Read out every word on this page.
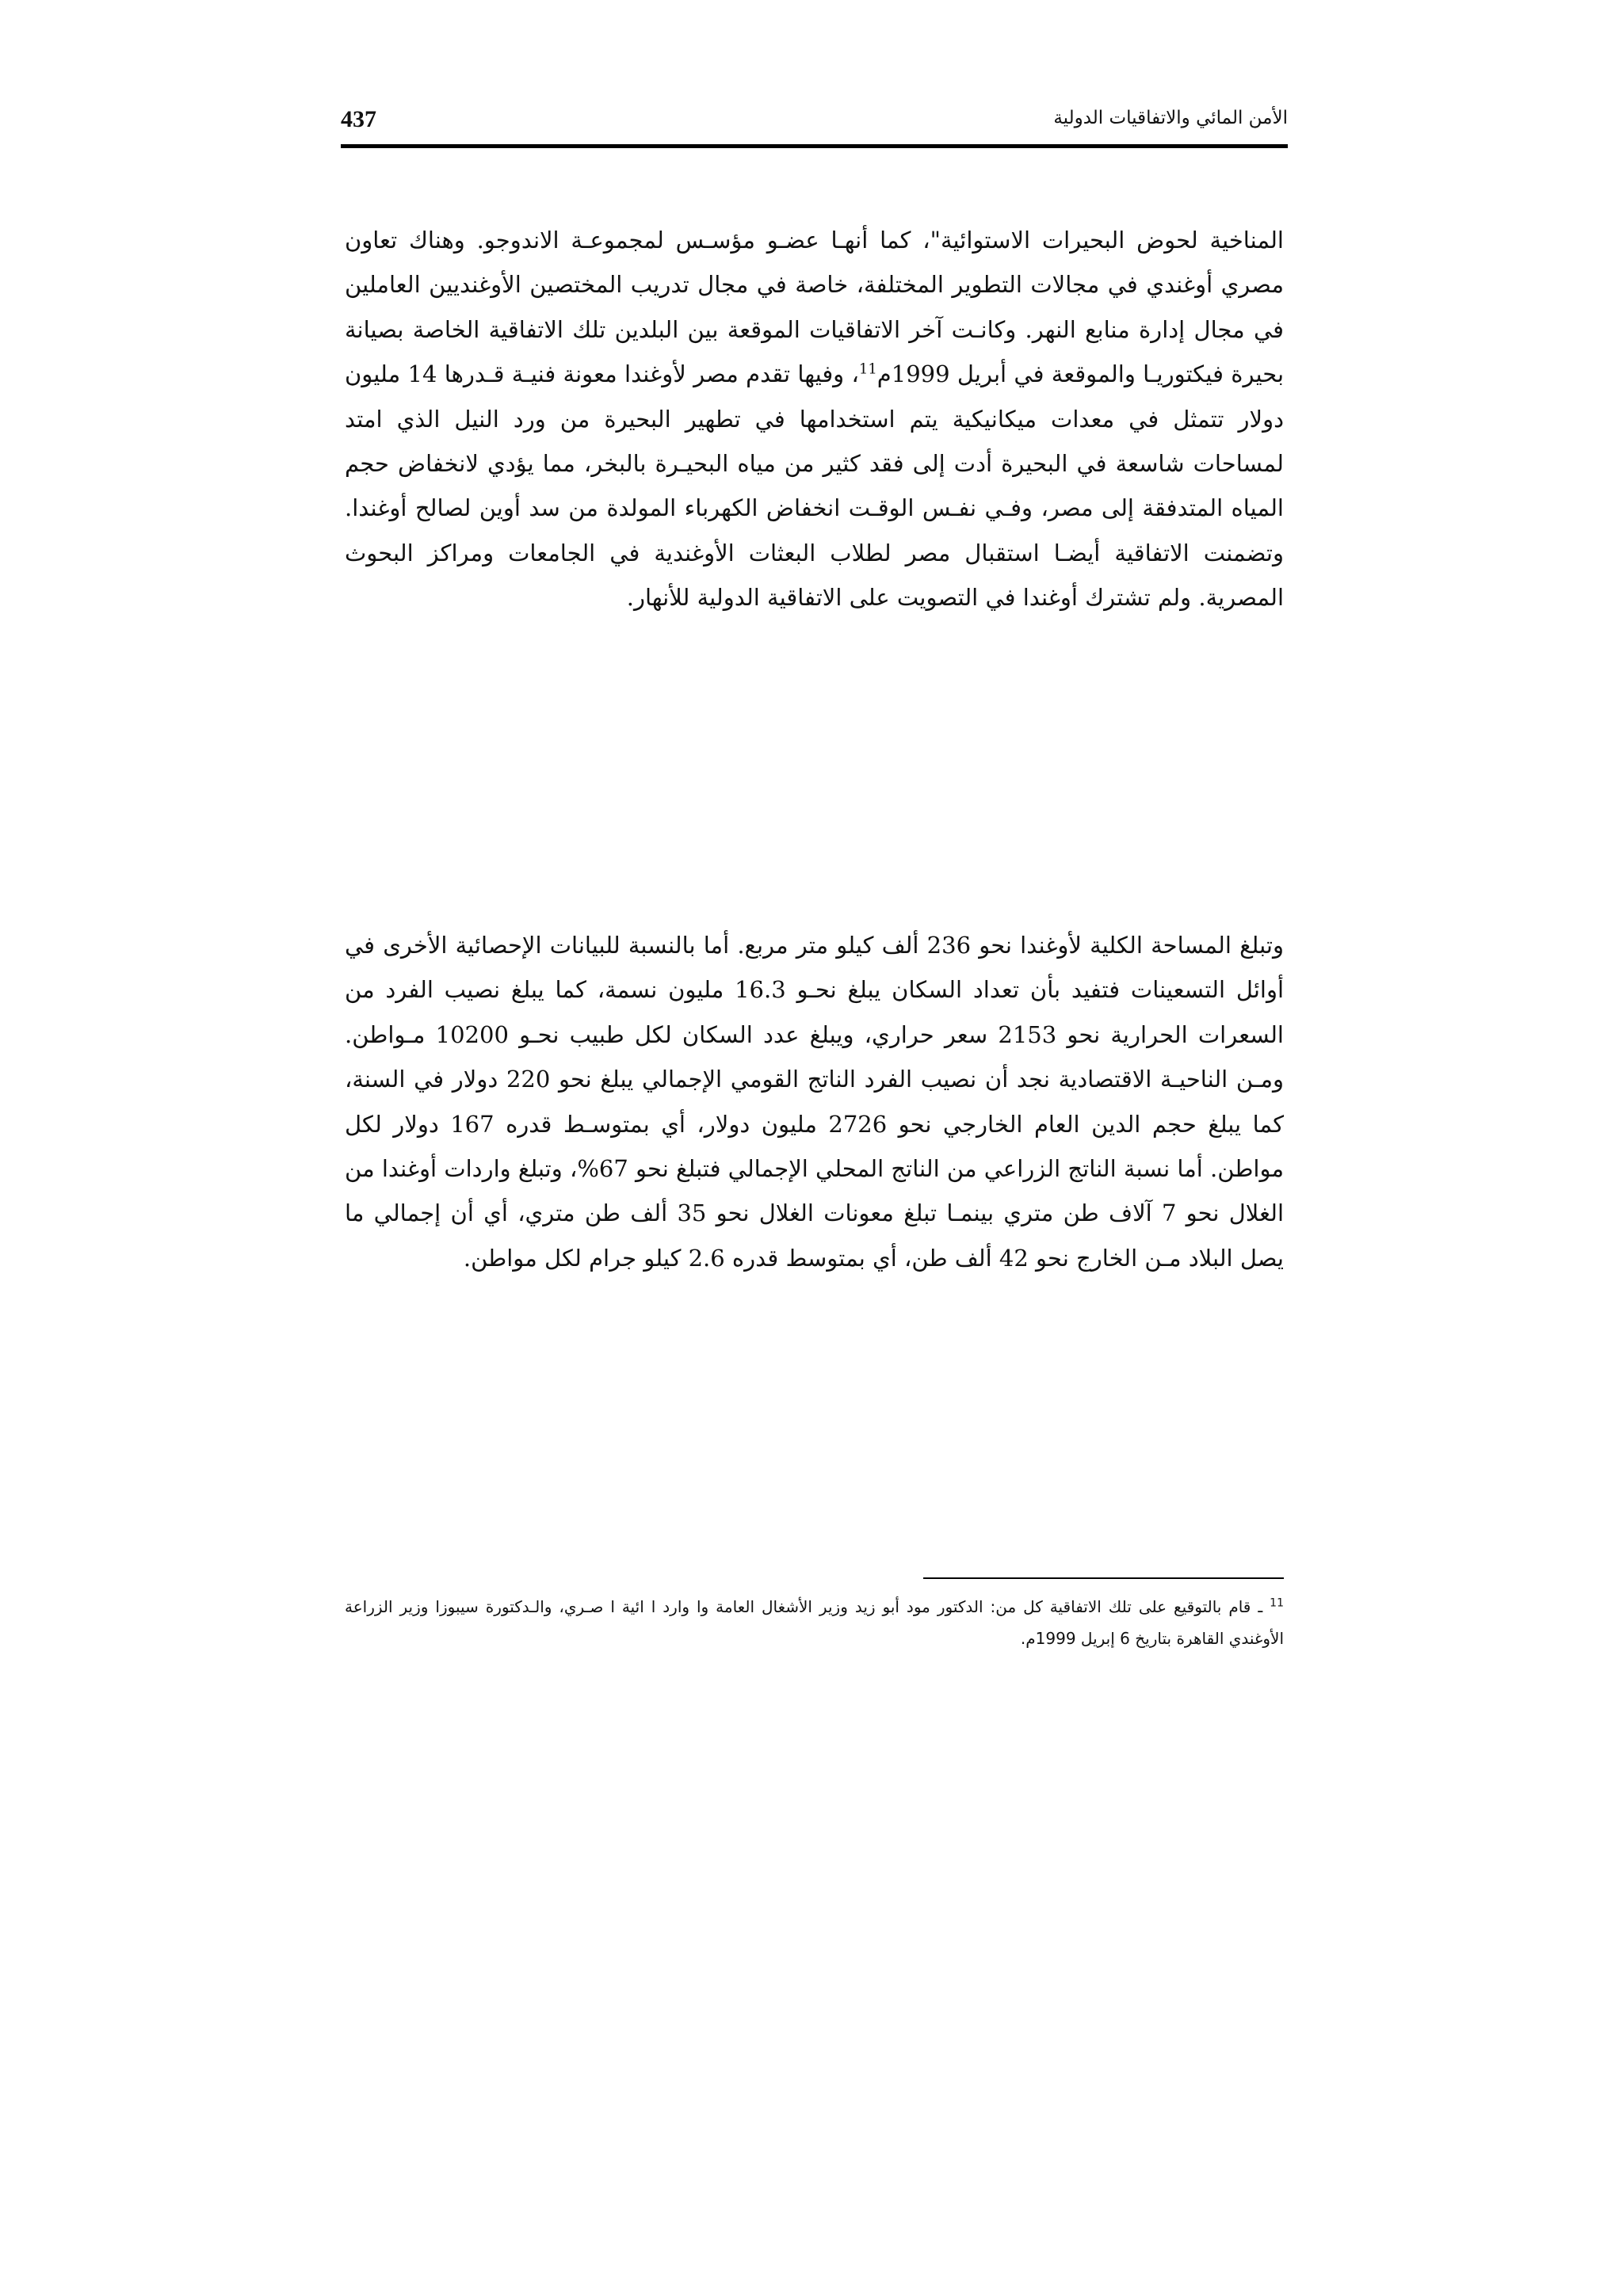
437	الأمن المائي والاتفاقيات الدولية

المناخية لحوض البحيرات الاستوائية"، كما أنهـا عضـو مؤسـس لمجموعـة الاندوجو. وهناك تعاون مصري أوغندي في مجالات التطوير المختلفة، خاصة في مجال تدريب المختصين الأوغنديين العاملين في مجال إدارة منابع النهر. وكانـت آخر الاتفاقيات الموقعة بين البلدين تلك الاتفاقية الخاصة بصيانة بحيرة فيكتوريـا والموقعة في أبريل 1999م$^{11}$، وفيها تقدم مصر لأوغندا معونة فنيـة قـدرها 14 مليون دولار تتمثل في معدات ميكانيكية يتم استخدامها في تطهير البحيرة من ورد النيل الذي امتد لمساحات شاسعة في البحيرة أدت إلى فقد كثير من مياه البحيـرة بالبخر، مما يؤدي لانخفاض حجم المياه المتدفقة إلى مصر، وفـي نفـس الوقـت انخفاض الكهرباء المولدة من سد أوين لصالح أوغندا. وتضمنت الاتفاقية أيضـا استقبال مصر لطلاب البعثات الأوغندية في الجامعات ومراكز البحوث المصرية. ولم تشترك أوغندا في التصويت على الاتفاقية الدولية للأنهار.

وتبلغ المساحة الكلية لأوغندا نحو 236 ألف كيلو متر مربع. أما بالنسبة للبيانات الإحصائية الأخرى في أوائل التسعينات فتفيد بأن تعداد السكان يبلغ نحـو 16.3 مليون نسمة، كما يبلغ نصيب الفرد من السعرات الحرارية نحو 2153 سعر حراري، ويبلغ عدد السكان لكل طبيب نحـو 10200 مـواطن. ومـن الناحيـة الاقتصادية نجد أن نصيب الفرد الناتج القومي الإجمالي يبلغ نحو 220 دولار في السنة، كما يبلغ حجم الدين العام الخارجي نحو 2726 مليون دولار، أي بمتوسـط قدره 167 دولار لكل مواطن. أما نسبة الناتج الزراعي من الناتج المحلي الإجمالي فتبلغ نحو 67%، وتبلغ واردات أوغندا من الغلال نحو 7 آلاف طن متري بينمـا تبلغ معونات الغلال نحو 35 ألف طن متري، أي أن إجمالي ما يصل البلاد مـن الخارج نحو 42 ألف طن، أي بمتوسط قدره 2.6 كيلو جرام لكل مواطن.

$^{11}$ ـ قام بالتوقيع على تلك الاتفاقية كل من: الدكتور مود أبو زيد وزير الأشغال العامة وا وارد ا ائية ا صـري، والـدكتورة سيبوزا وزير الزراعة الأوغندي القاهرة بتاريخ 6 إبريل 1999م.
